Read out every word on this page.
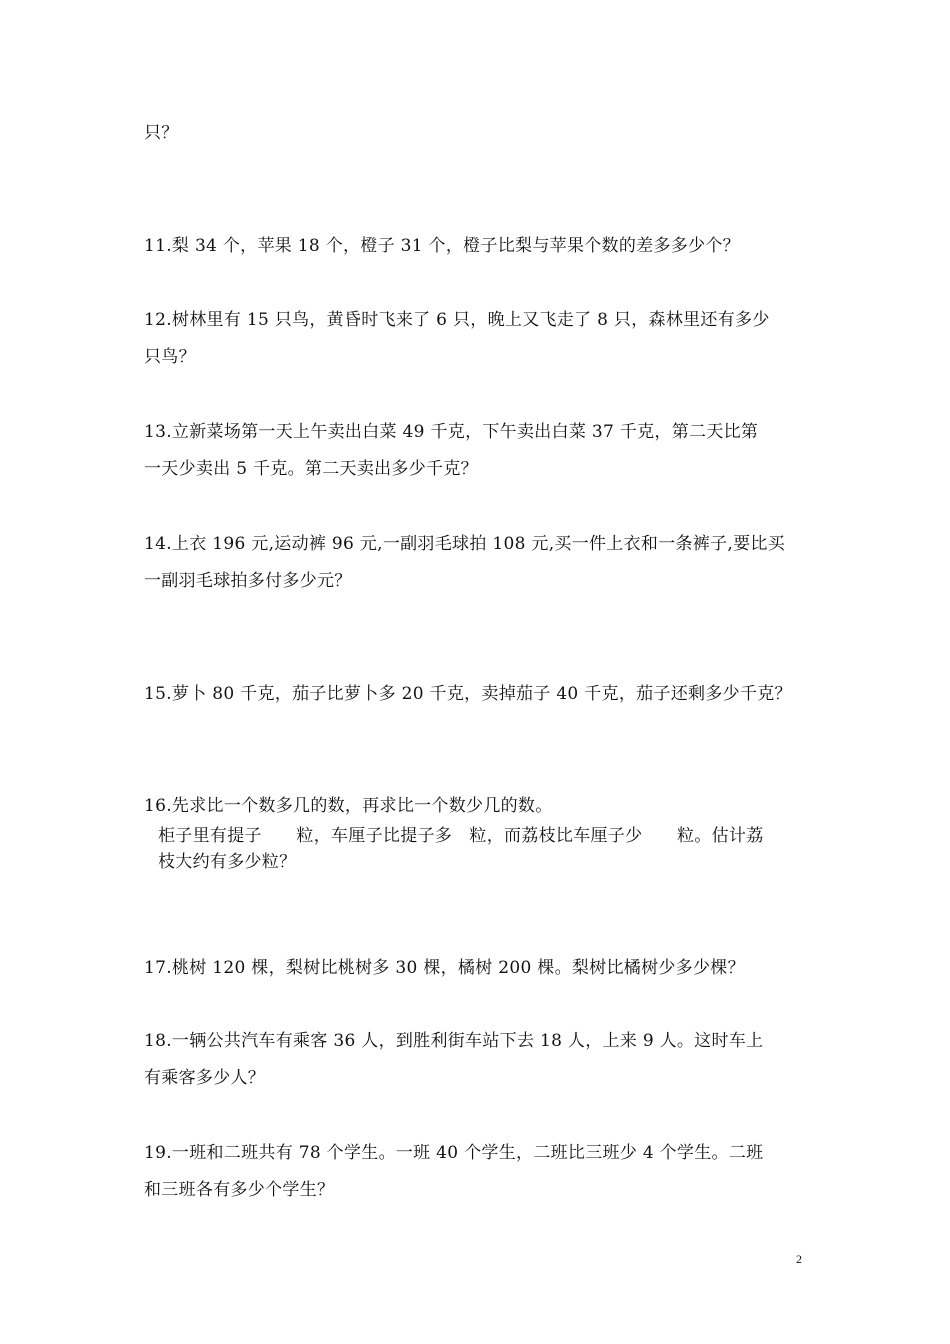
只？
11.梨 34 个，苹果 18 个，橙子 31 个，橙子比梨与苹果个数的差多多少个？
12.树林里有 15 只鸟，黄昏时飞来了 6 只，晚上又飞走了 8 只，森林里还有多少
只鸟？
13.立新菜场第一天上午卖出白菜 49 千克，下午卖出白菜 37 千克，第二天比第
一天少卖出 5 千克。第二天卖出多少千克？
14.上衣 196 元,运动裤 96 元,一副羽毛球拍 108 元,买一件上衣和一条裤子,要比买
一副羽毛球拍多付多少元？
15.萝卜 80 千克，茄子比萝卜多 20 千克，卖掉茄子 40 千克，茄子还剩多少千克？
16.先求比一个数多几的数，再求比一个数少几的数。
柜子里有提子　　粒，车厘子比提子多　粒，而荔枝比车厘子少　　粒。估计荔
枝大约有多少粒？
17.桃树 120 棵，梨树比桃树多 30 棵，橘树 200 棵。梨树比橘树少多少棵？
18.一辆公共汽车有乘客 36 人，到胜利街车站下去 18 人，上来 9 人。这时车上
有乘客多少人？
19.一班和二班共有 78 个学生。一班 40 个学生，二班比三班少 4 个学生。二班
和三班各有多少个学生？
2
